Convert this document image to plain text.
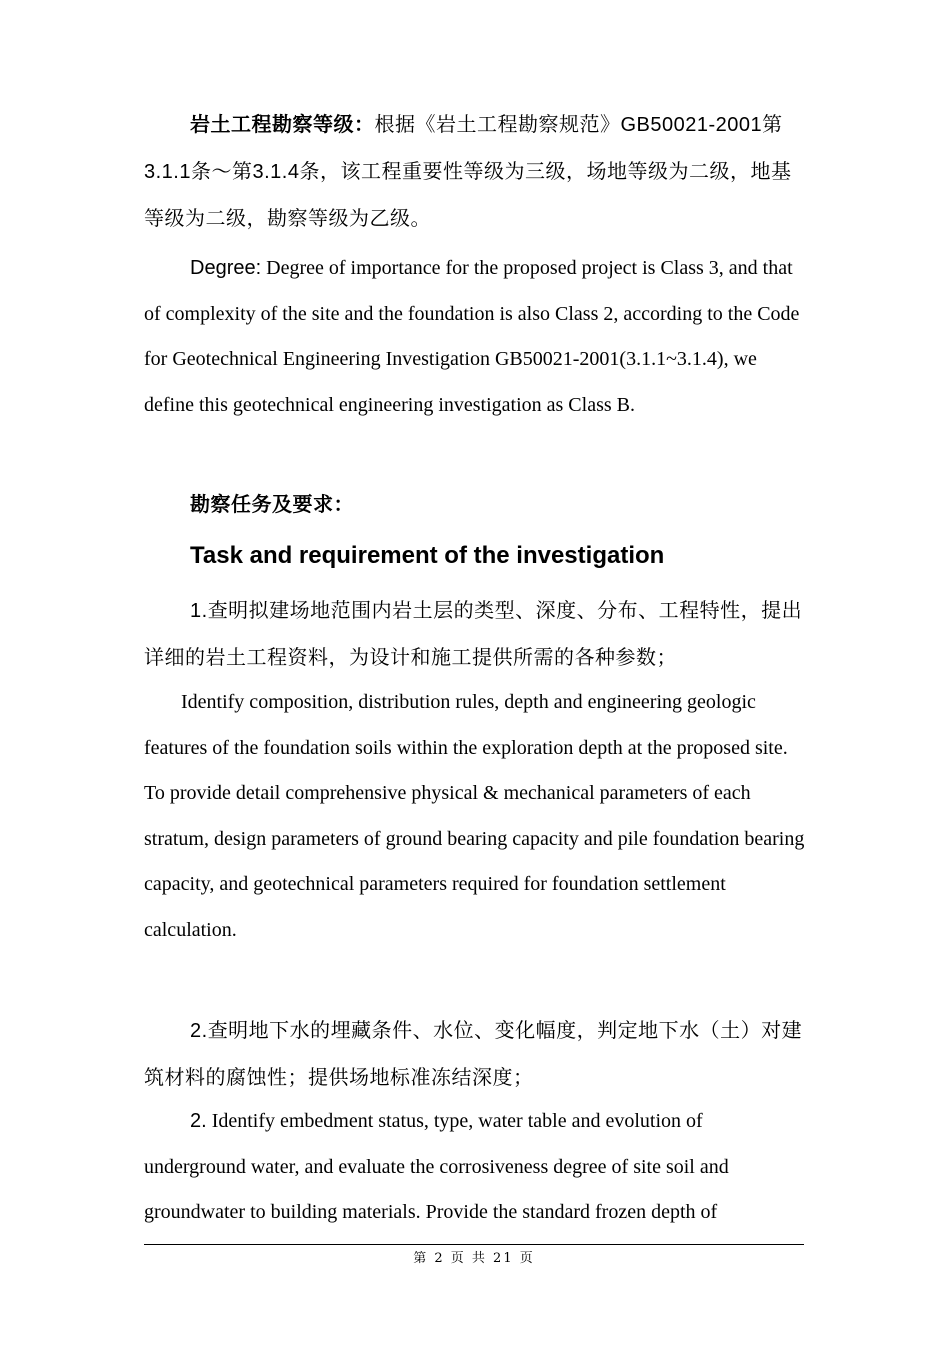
岩土工程勘察等级：根据《岩土工程勘察规范》GB50021-2001第3.1.1条～第3.1.4条，该工程重要性等级为三级，场地等级为二级，地基等级为二级，勘察等级为乙级。

Degree: Degree of importance for the proposed project is Class 3, and that of complexity of the site and the foundation is also Class 2, according to the Code for Geotechnical Engineering Investigation GB50021-2001(3.1.1~3.1.4), we define this geotechnical engineering investigation as Class B.

勘察任务及要求：

Task and requirement of the investigation

1.查明拟建场地范围内岩土层的类型、深度、分布、工程特性，提出详细的岩土工程资料，为设计和施工提供所需的各种参数；

Identify composition, distribution rules, depth and engineering geologic features of the foundation soils within the exploration depth at the proposed site. To provide detail comprehensive physical & mechanical parameters of each stratum, design parameters of ground bearing capacity and pile foundation bearing capacity, and geotechnical parameters required for foundation settlement calculation.

2.查明地下水的埋藏条件、水位、变化幅度，判定地下水（土）对建筑材料的腐蚀性；提供场地标准冻结深度；

2. Identify embedment status, type, water table and evolution of underground water, and evaluate the corrosiveness degree of site soil and groundwater to building materials. Provide the standard frozen depth of

第 2 页 共 21 页
